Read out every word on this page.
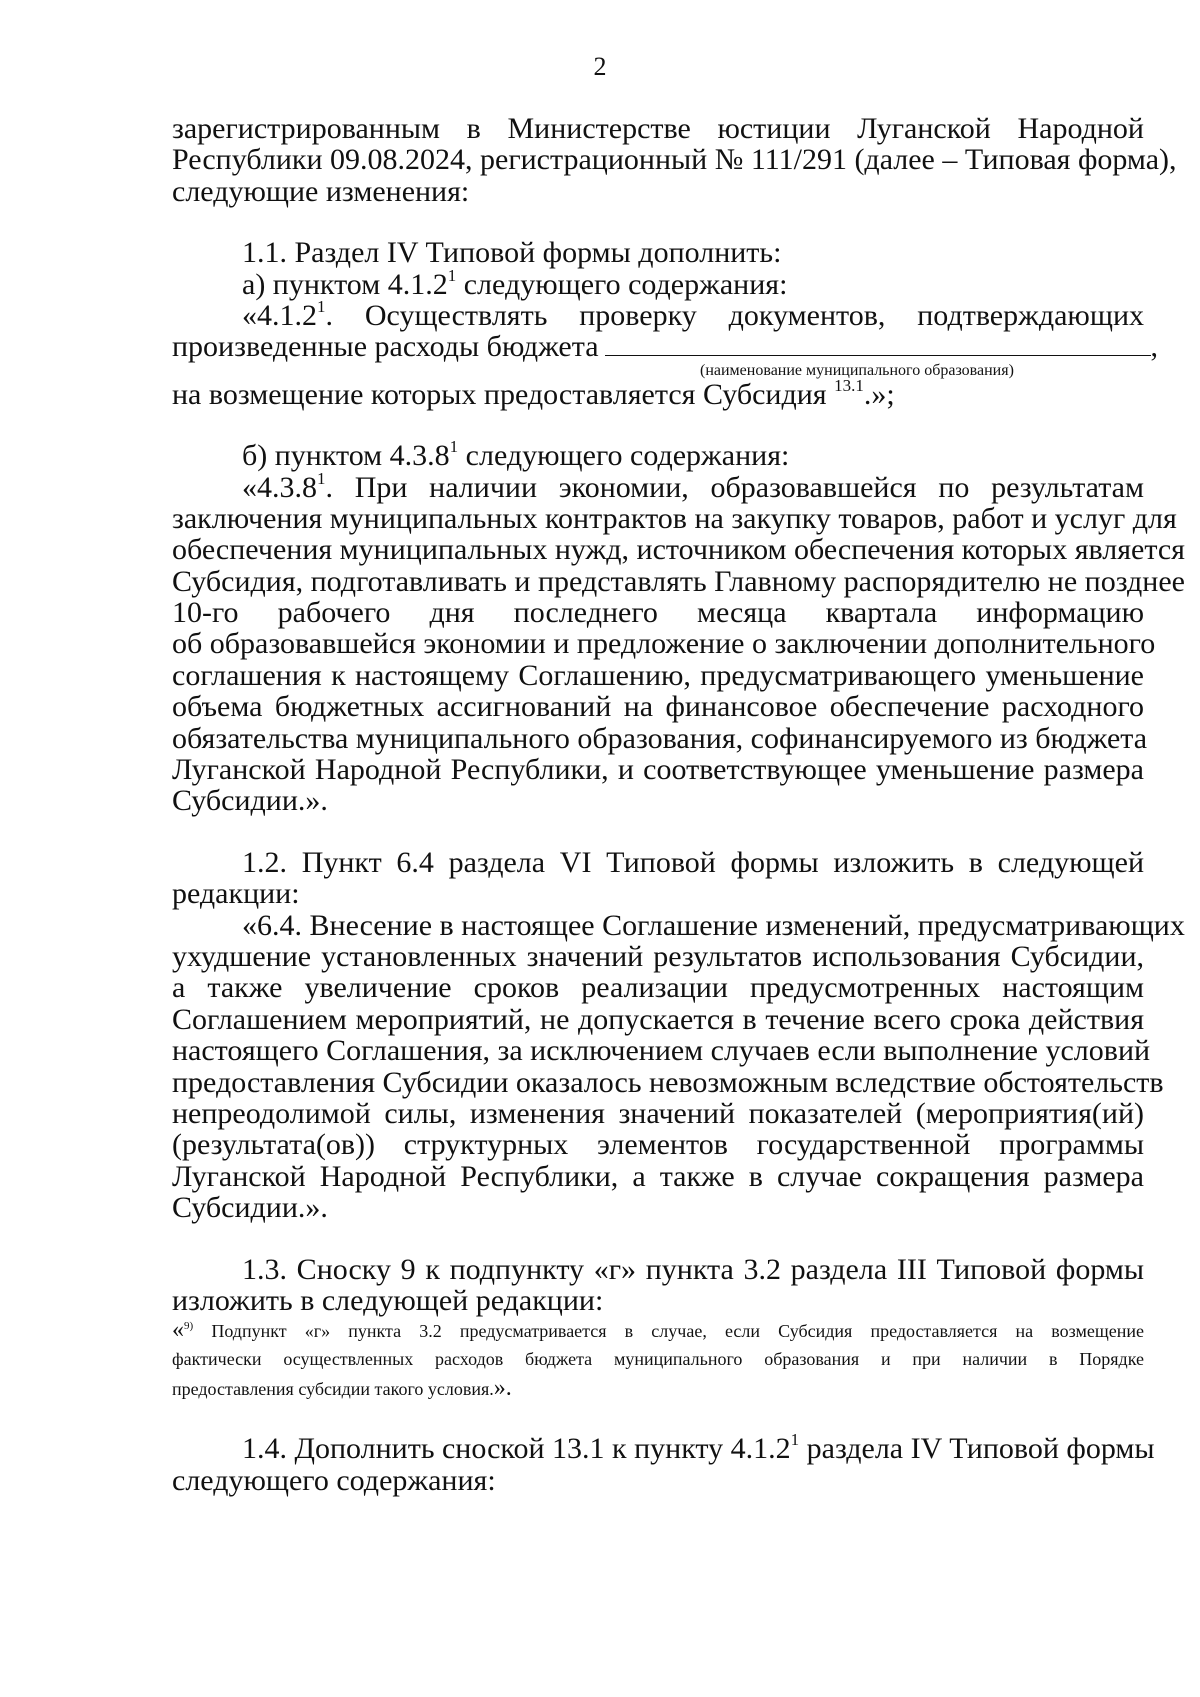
2
зарегистрированным в Министерстве юстиции Луганской Народной
Республики 09.08.2024, регистрационный № 111/291 (далее – Типовая форма),
следующие изменения:
1.1. Раздел IV Типовой формы дополнить:
а) пунктом 4.1.2$^1$ следующего содержания:
«4.1.2$^1$. Осуществлять проверку документов, подтверждающих
произведенные расходы бюджета	,
(наименование муниципального образования)
на возмещение которых предоставляется Субсидия $^{13.1}$.»;
б) пунктом 4.3.8$^1$ следующего содержания:
«4.3.8$^1$. При наличии экономии, образовавшейся по результатам
заключения муниципальных контрактов на закупку товаров, работ и услуг для
обеспечения муниципальных нужд, источником обеспечения которых является
Субсидия, подготавливать и представлять Главному распорядителю не позднее
10-го рабочего дня последнего месяца квартала информацию
об образовавшейся экономии и предложение о заключении дополнительного
соглашения к настоящему Соглашению, предусматривающего уменьшение
объема бюджетных ассигнований на финансовое обеспечение расходного
обязательства муниципального образования, софинансируемого из бюджета
Луганской Народной Республики, и соответствующее уменьшение размера
Субсидии.».
1.2. Пункт 6.4 раздела VI Типовой формы изложить в следующей
редакции:
«6.4. Внесение в настоящее Соглашение изменений, предусматривающих
ухудшение установленных значений результатов использования Субсидии,
а также увеличение сроков реализации предусмотренных настоящим
Соглашением мероприятий, не допускается в течение всего срока действия
настоящего Соглашения, за исключением случаев если выполнение условий
предоставления Субсидии оказалось невозможным вследствие обстоятельств
непреодолимой силы, изменения значений показателей (мероприятия(ий)
(результата(ов)) структурных элементов государственной программы
Луганской Народной Республики, а также в случае сокращения размера
Субсидии.».
1.3. Сноску 9 к подпункту «г» пункта 3.2 раздела III Типовой формы
изложить в следующей редакции:
«$^{9)}$ Подпункт «г» пункта 3.2 предусматривается в случае, если Субсидия предоставляется на возмещение
фактически осуществленных расходов бюджета муниципального образования и при наличии в Порядке
предоставления субсидии такого условия.».
1.4. Дополнить сноской 13.1 к пункту 4.1.2$^1$ раздела IV Типовой формы
следующего содержания:
